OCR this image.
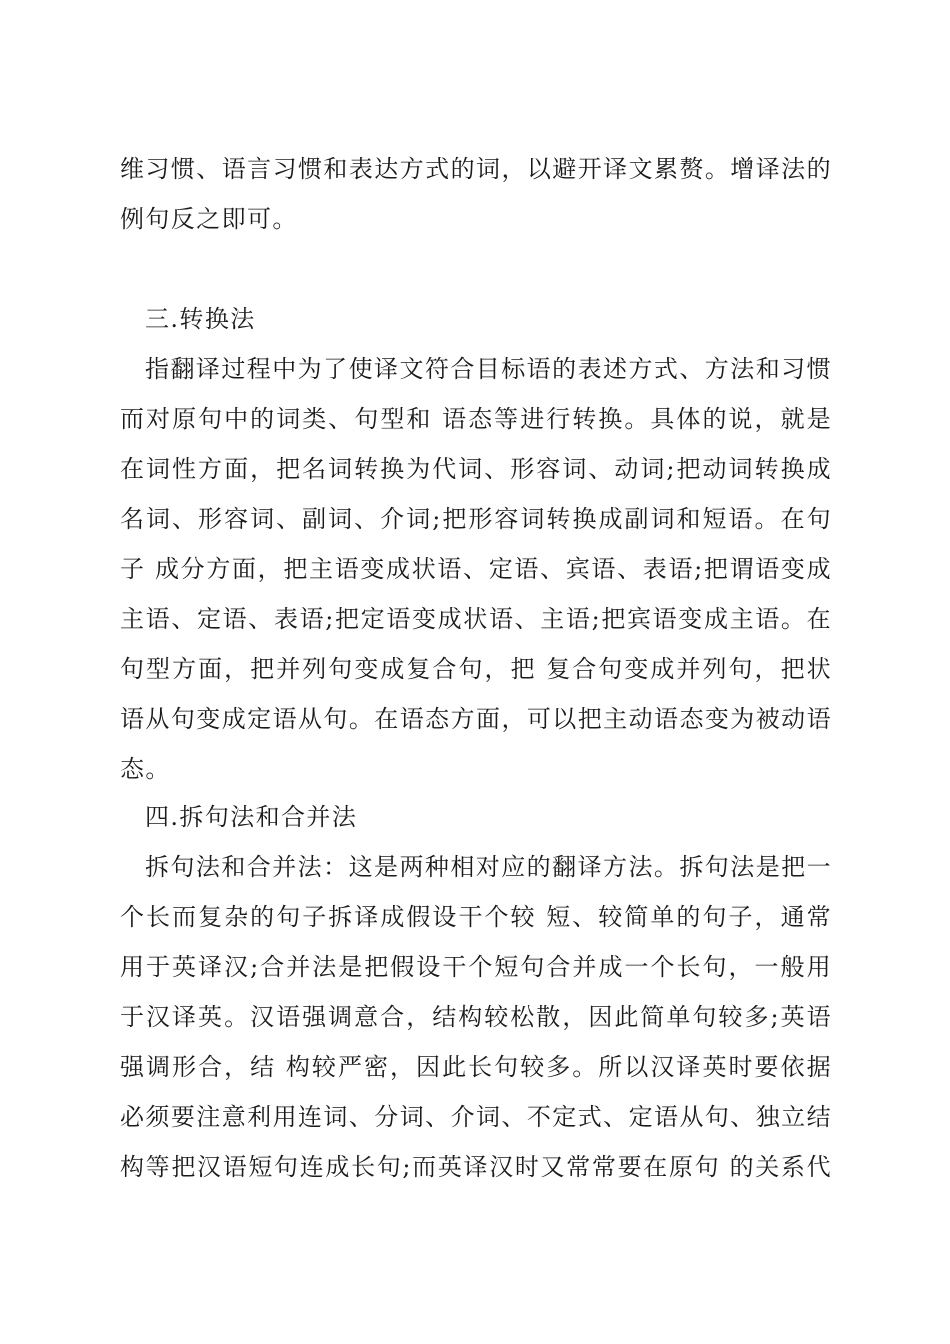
维习惯、语言习惯和表达方式的词，以避开译文累赘。增译法的
例句反之即可。
三.转换法
指翻译过程中为了使译文符合目标语的表述方式、方法和习惯
而对原句中的词类、句型和 语态等进行转换。具体的说，就是
在词性方面，把名词转换为代词、形容词、动词;把动词转换成
名词、形容词、副词、介词;把形容词转换成副词和短语。在句
子 成分方面，把主语变成状语、定语、宾语、表语;把谓语变成
主语、定语、表语;把定语变成状语、主语;把宾语变成主语。在
句型方面，把并列句变成复合句，把 复合句变成并列句，把状
语从句变成定语从句。在语态方面，可以把主动语态变为被动语
态。
四.拆句法和合并法
拆句法和合并法：这是两种相对应的翻译方法。拆句法是把一
个长而复杂的句子拆译成假设干个较 短、较简单的句子，通常
用于英译汉;合并法是把假设干个短句合并成一个长句，一般用
于汉译英。汉语强调意合，结构较松散，因此简单句较多;英语
强调形合，结 构较严密，因此长句较多。所以汉译英时要依据
必须要注意利用连词、分词、介词、不定式、定语从句、独立结
构等把汉语短句连成长句;而英译汉时又常常要在原句 的关系代
